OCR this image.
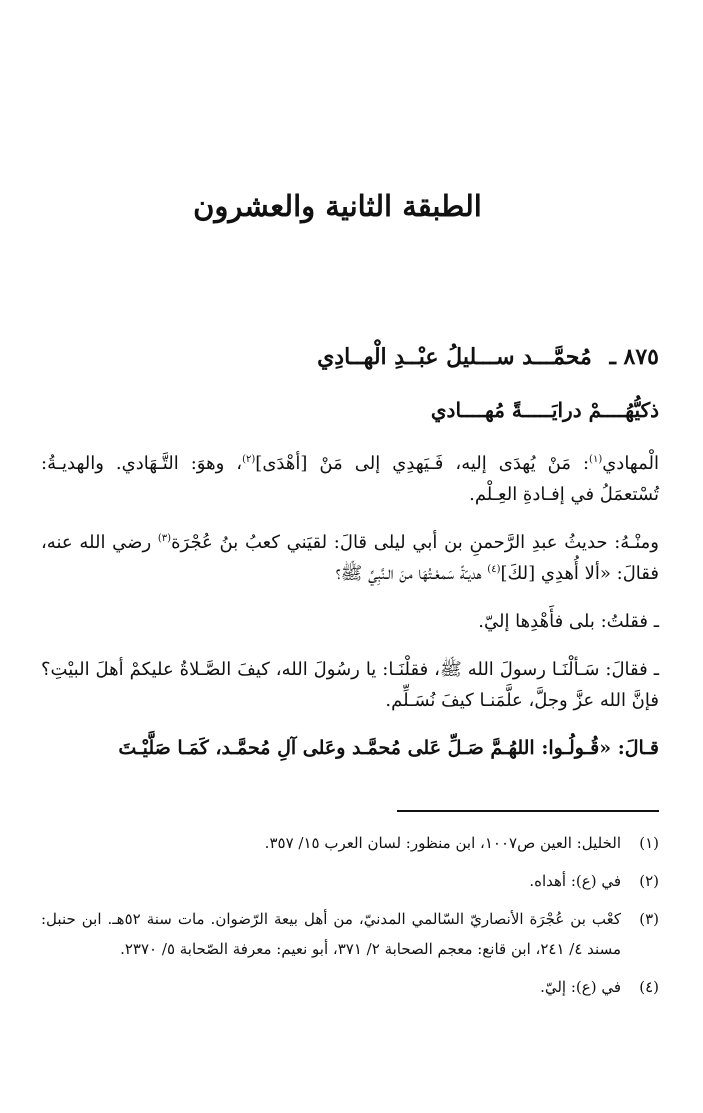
الطبقة الثانية والعشرون
٨٧٥ ـ مُحمَّـــد ســـليلُ عبْــدِ الْهــادِي
ذكيُّهُــــمْ درايَـــــةً مُهــــادي

الْمهادي$^{(١)}$: مَنْ يُهدَى إليه، فَـيَهدِي إلى مَنْ [أهْدَى]$^{(٢)}$، وهوَ: التَّـهَادي. والهديـةُ: تُسْتعمَلُ في إفـادةِ العِـلْم.

ومنْـهُ: حديثُ عبدِ الرَّحمنِ بن أبي ليلى قالَ: لقيَني كعبُ بنُ عُجْرَة$^{(٣)}$ رضي الله عنه، فقالَ: «ألا أُهدِي [لكَ]$^{(٤)}$ هديـّةً سَمعْـتُهَا منَ الـنَّبِيِّ ﷺ؟

ـ فقلتُ: بلى فأَهْدِها إليّ.

ـ فقالَ: سَـألْنَـا رسولَ الله ﷺ، فقلْنَـا: يا رسُولَ الله، كيفَ الصَّـلاةُ عليكمْ أهلَ البيْتِ؟ فإنَّ الله عزَّ وجلَّ، علَّمَنـا كيفَ نُسَـلِّم.

قـالَ: «قُـولُـوا: اللهُـمَّ صَـلِّ عَلى مُحمَّـد وعَلى آلِ مُحمَّـد، كَمَـا صَلَّيْـتَ

(١)
الخليل: العين ص١٠٠٧، ابن منظور: لسان العرب ١٥/ ٣٥٧.
(٢)
في (ع): أهداه.
(٣)
كعْب بن عُجْرَة الأنصاريّ السّالمي المدنيّ، من أهل بيعة الرّضوان. مات سنة ٥٢هـ. ابن حنبل: مسند ٤/ ٢٤١، ابن قانع: معجم الصحابة ٢/ ٣٧١، أبو نعيم: معرفة الصّحابة ٥/ ٢٣٧٠.
(٤)
في (ع): إليّ.
